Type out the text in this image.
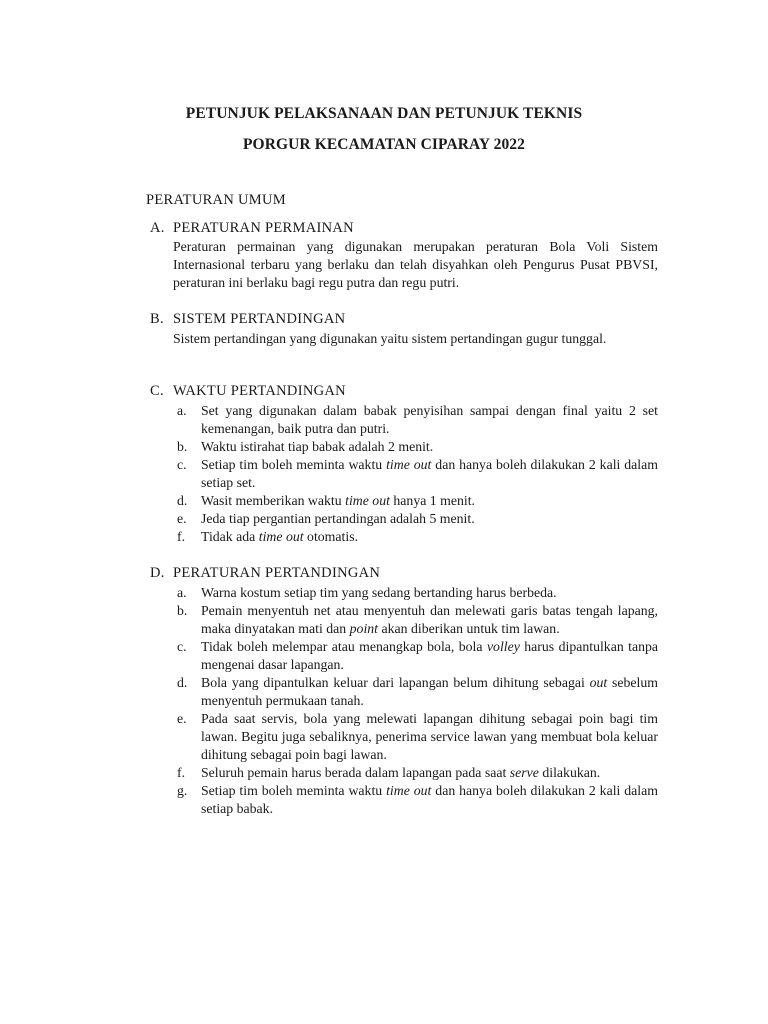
PETUNJUK PELAKSANAAN DAN PETUNJUK TEKNIS
PORGUR KECAMATAN CIPARAY 2022
PERATURAN UMUM
A. PERATURAN PERMAINAN
Peraturan permainan yang digunakan merupakan peraturan Bola Voli Sistem Internasional terbaru yang berlaku dan telah disyahkan oleh Pengurus Pusat PBVSI, peraturan ini berlaku bagi regu putra dan regu putri.
B. SISTEM PERTANDINGAN
Sistem pertandingan yang digunakan yaitu sistem pertandingan gugur tunggal.
C. WAKTU PERTANDINGAN
a. Set yang digunakan dalam babak penyisihan sampai dengan final yaitu 2 set kemenangan, baik putra dan putri.
b. Waktu istirahat tiap babak adalah 2 menit.
c. Setiap tim boleh meminta waktu time out dan hanya boleh dilakukan 2 kali dalam setiap set.
d. Wasit memberikan waktu time out hanya 1 menit.
e. Jeda tiap pergantian pertandingan adalah 5 menit.
f. Tidak ada time out otomatis.
D. PERATURAN PERTANDINGAN
a. Warna kostum setiap tim yang sedang bertanding harus berbeda.
b. Pemain menyentuh net atau menyentuh dan melewati garis batas tengah lapang, maka dinyatakan mati dan point akan diberikan untuk tim lawan.
c. Tidak boleh melempar atau menangkap bola, bola volley harus dipantulkan tanpa mengenai dasar lapangan.
d. Bola yang dipantulkan keluar dari lapangan belum dihitung sebagai out sebelum menyentuh permukaan tanah.
e. Pada saat servis, bola yang melewati lapangan dihitung sebagai poin bagi tim lawan. Begitu juga sebaliknya, penerima service lawan yang membuat bola keluar dihitung sebagai poin bagi lawan.
f. Seluruh pemain harus berada dalam lapangan pada saat serve dilakukan.
g. Setiap tim boleh meminta waktu time out dan hanya boleh dilakukan 2 kali dalam setiap babak.
